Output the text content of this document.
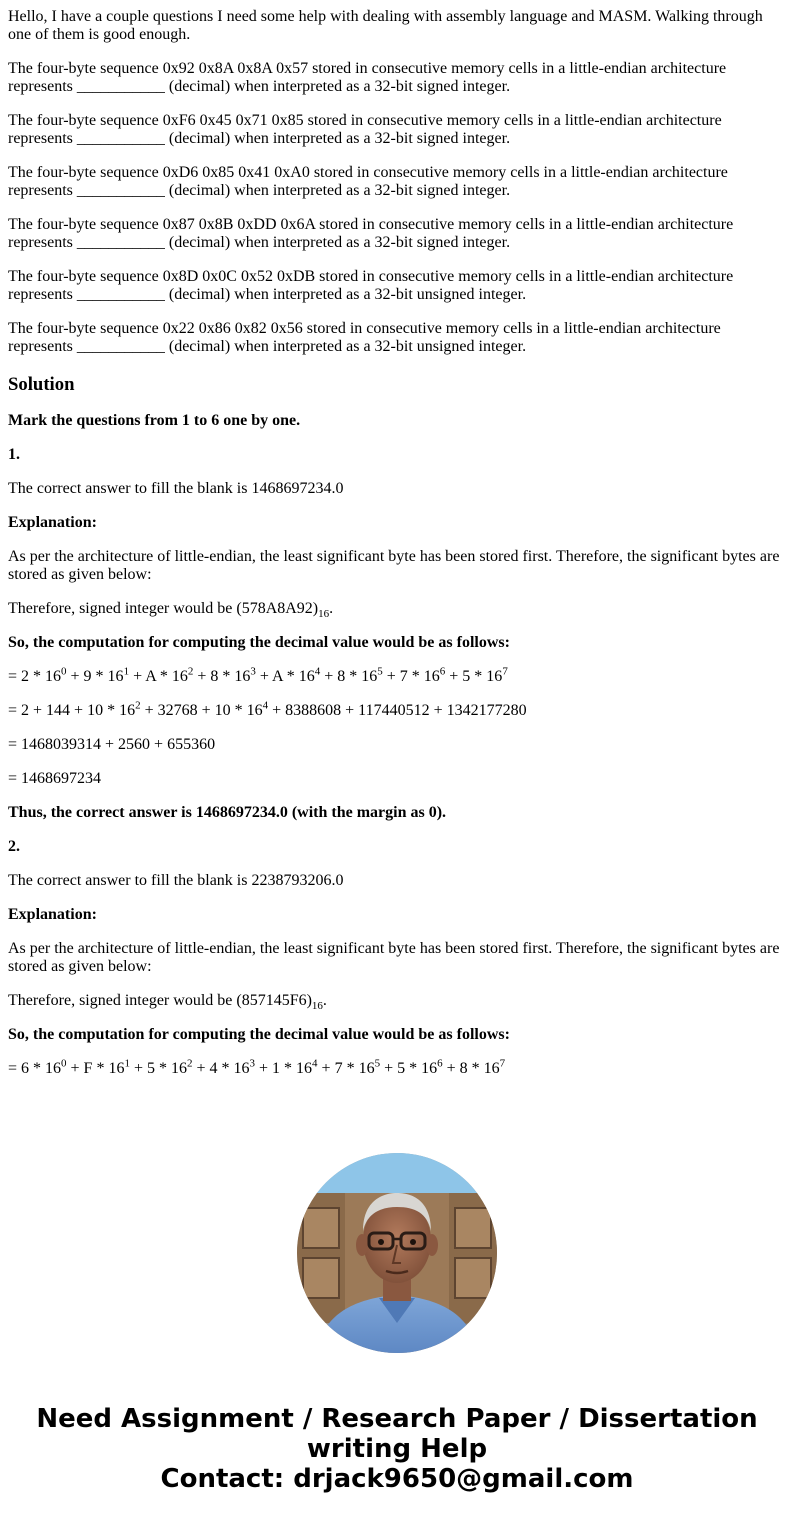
Hello, I have a couple questions I need some help with dealing with assembly language and MASM. Walking through one of them is good enough.

The four-byte sequence 0x92 0x8A 0x8A 0x57 stored in consecutive memory cells in a little-endian architecture represents ___________ (decimal) when interpreted as a 32-bit signed integer.

The four-byte sequence 0xF6 0x45 0x71 0x85 stored in consecutive memory cells in a little-endian architecture represents ___________ (decimal) when interpreted as a 32-bit signed integer.

The four-byte sequence 0xD6 0x85 0x41 0xA0 stored in consecutive memory cells in a little-endian architecture represents ___________ (decimal) when interpreted as a 32-bit signed integer.

The four-byte sequence 0x87 0x8B 0xDD 0x6A stored in consecutive memory cells in a little-endian architecture represents ___________ (decimal) when interpreted as a 32-bit signed integer.

The four-byte sequence 0x8D 0x0C 0x52 0xDB stored in consecutive memory cells in a little-endian architecture represents ___________ (decimal) when interpreted as a 32-bit unsigned integer.

The four-byte sequence 0x22 0x86 0x82 0x56 stored in consecutive memory cells in a little-endian architecture represents ___________ (decimal) when interpreted as a 32-bit unsigned integer.

Solution

Mark the questions from 1 to 6 one by one.

1.

The correct answer to fill the blank is 1468697234.0

Explanation:

As per the architecture of little-endian, the least significant byte has been stored first. Therefore, the significant bytes are stored as given below:

Therefore, signed integer would be $(578A8A92)_{16}$.

So, the computation for computing the decimal value would be as follows:

= $2 * 16^0 + 9 * 16^1 + A * 16^2 + 8 * 16^3 + A * 16^4 + 8 * 16^5 + 7 * 16^6 + 5 * 16^7$

= $2 + 144 + 10 * 16^2 + 32768 + 10 * 16^4 + 8388608 + 117440512 + 1342177280$

= 1468039314 + 2560 + 655360

= 1468697234

Thus, the correct answer is 1468697234.0 (with the margin as 0).

2.

The correct answer to fill the blank is 2238793206.0

Explanation:

As per the architecture of little-endian, the least significant byte has been stored first. Therefore, the significant bytes are stored as given below:

Therefore, signed integer would be $(857145F6)_{16}$.

So, the computation for computing the decimal value would be as follows:

= $6 * 16^0 + F * 16^1 + 5 * 16^2 + 4 * 16^3 + 1 * 16^4 + 7 * 16^5 + 5 * 16^6 + 8 * 16^7$

Need Assignment / Research Paper / Dissertation
writing Help
Contact: drjack9650@gmail.com
